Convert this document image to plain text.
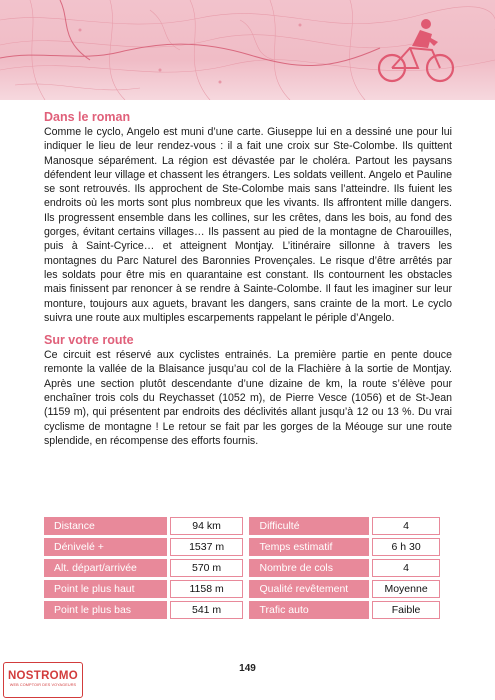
Dans le roman

Comme le cyclo, Angelo est muni d’une carte. Giuseppe lui en a dessiné une pour lui indiquer le lieu de leur rendez-vous : il a fait une croix sur Ste-Colombe. Ils quittent Manosque séparément. La région est dévastée par le choléra. Partout les paysans défendent leur village et chassent les étrangers. Les soldats veillent. Angelo et Pauline se sont retrouvés. Ils approchent de Ste-Colombe mais sans l’atteindre. Ils fuient les endroits où les morts sont plus nombreux que les vivants. Ils affrontent mille dangers. Ils progressent ensemble dans les collines, sur les crêtes, dans les bois, au fond des gorges, évitant certains villages… Ils passent au pied de la montagne de Charouilles, puis à Saint-Cyrice… et atteignent Montjay. L’itinéraire sillonne à travers les montagnes du Parc Naturel des Baronnies Provençales. Le risque d’être arrêtés par les soldats pour être mis en quarantaine est constant. Ils contournent les obstacles mais finissent par renoncer à se rendre à Sainte-Colombe. Il faut les imaginer sur leur monture, toujours aux aguets, bravant les dangers, sans crainte de la mort. Le cyclo suivra une route aux multiples escarpements rappelant le périple d’Angelo.

Sur votre route

Ce circuit est réservé aux cyclistes entrainés. La première partie en pente douce remonte la vallée de la Blaisance jusqu’au col de la Flachière à la sortie de Montjay. Après une section plutôt descendante d’une dizaine de km, la route s’élève pour enchaîner trois cols du Reychasset (1052 m), de Pierre Vesce (1056) et de St-Jean (1159 m), qui présentent par endroits des déclivités allant jusqu’à 12 ou 13 %. Du vrai cyclisme de montagne ! Le retour se fait par les gorges de la Méouge sur une route splendide, en récompense des efforts fournis.

Distance	94 km	Difficulté	4
Dénivelé +	1537 m	Temps estimatif	6 h 30
Alt. départ/arrivée	570 m	Nombre de cols	4
Point le plus haut	1158 m	Qualité revêtement	Moyenne
Point le plus bas	541 m	Trafic auto	Faible
149
NOSTROMO
WEB COMPTOIR DES VOYAGEURS
